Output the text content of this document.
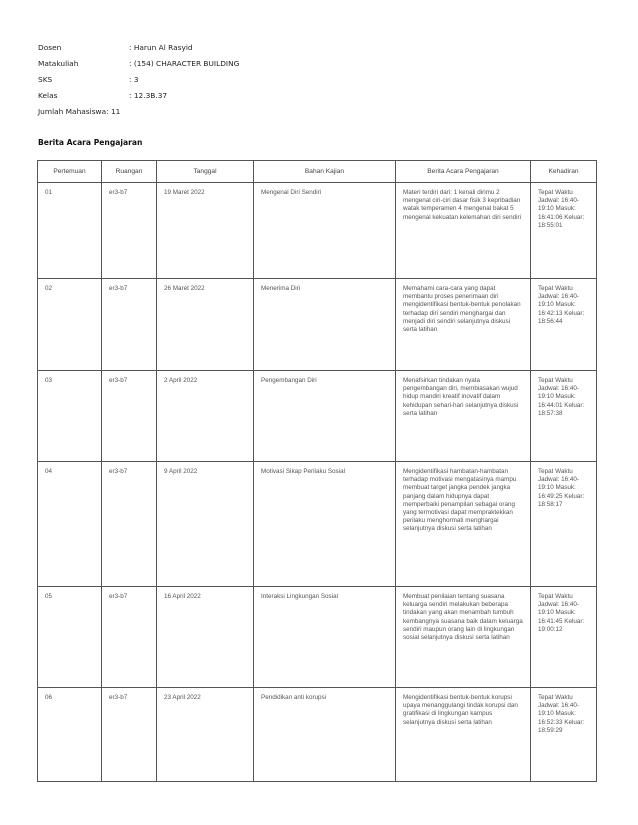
Dosen	: Harun Al Rasyid
Matakuliah	: (154) CHARACTER BUILDING
SKS	: 3
Kelas	: 12.3B.37
Jumlah Mahasiswa : 11
Berita Acara Pengajaran
Pertemuan	Ruangan	Tanggal	Bahan Kajian	Berita Acara Pengajaran	Kehadiran
01	er3-b7	19 Maret 2022	Mengenal Diri Sendiri	Materi terdiri dari: 1 kenali dirimu 2 mengenal ciri-ciri dasar fisik 3 kepribadian watak temperamen 4 mengenal bakat 5 mengenal kekuatan kelemahan diri sendiri	Tepat Waktu Jadwal: 16:40-19:10 Masuk: 16:41:06 Keluar: 18:55:01
02	er3-b7	26 Maret 2022	Menerima Diri	Memahami cara-cara yang dapat membantu proses penerimaan diri mengidentifikasi bentuk-bentuk penolakan terhadap diri sendiri menghargai dan menjadi diri sendiri selanjutnya diskusi serta latihan	Tepat Waktu Jadwal: 16:40-19:10 Masuk: 16:42:13 Keluar: 18:56:44
03	er3-b7	2 April 2022	Pengembangan Diri	Menafsirkan tindakan nyata pengembangan diri, membiasakan wujud hidup mandiri kreatif inovatif dalam kehidupan sehari-hari selanjutnya diskusi serta latihan	Tepat Waktu Jadwal: 16:40-19:10 Masuk: 16:44:01 Keluar: 18:57:38
04	er3-b7	9 April 2022	Motivasi Sikap Perilaku Sosial	Mengidentifikasi hambatan-hambatan terhadap motivasi mengatasinya mampu membuat target jangka pendek jangka panjang dalam hidupnya dapat memperbaiki penampilan sebagai orang yang termotivasi dapat mempraktekkan perilaku menghormati menghargai selanjutnya diskusi serta latihan	Tepat Waktu Jadwal: 16:40-19:10 Masuk: 16:49:25 Keluar: 18:58:17
05	er3-b7	16 April 2022	Interaksi Lingkungan Sosial	Membuat penilaian tentang suasana keluarga sendiri melakukan beberapa tindakan yang akan menambah tumbuh kembangnya suasana baik dalam keluarga sendiri maupun orang lain di lingkungan sosial selanjutnya diskusi serta latihan	Tepat Waktu Jadwal: 16:40-19:10 Masuk: 16:41:45 Keluar: 19:00:12
06	er3-b7	23 April 2022	Pendidikan anti korupsi	Mengidentifikasi bentuk-bentuk korupsi upaya menanggulangi tindak korupsi dan gratifikasi di lingkungan kampus selanjutnya diskusi serta latihan	Tepat Waktu Jadwal: 16:40-19:10 Masuk: 16:52:33 Keluar: 18:59:29
